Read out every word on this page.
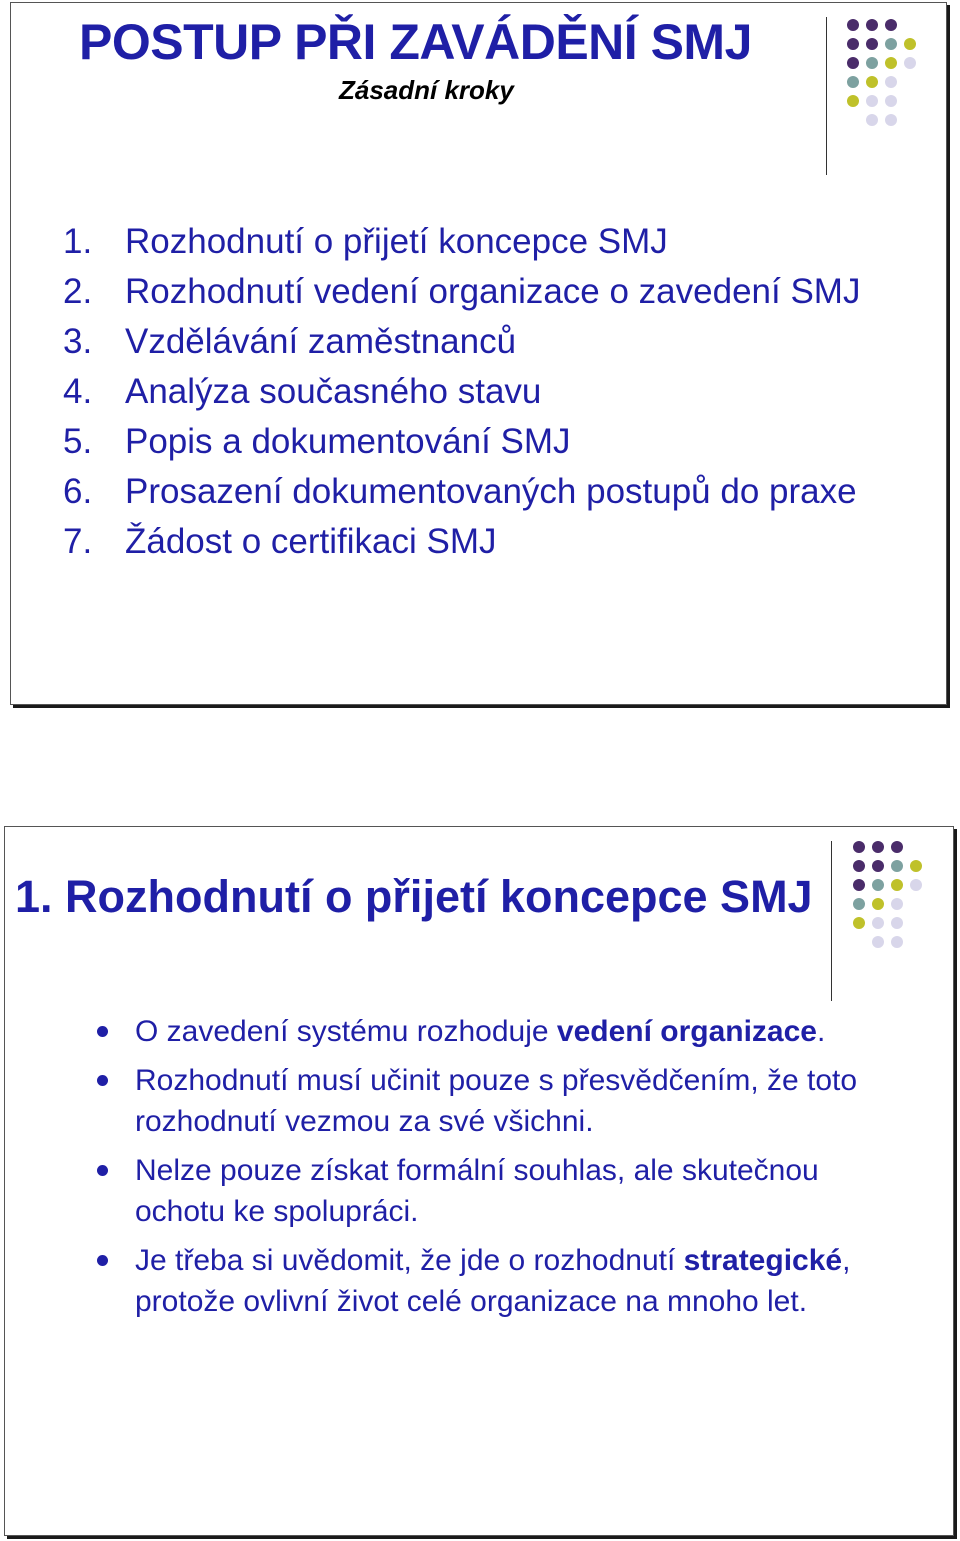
POSTUP PŘI ZAVÁDĚNÍ SMJ

Zásadní kroky

1. Rozhodnutí o přijetí koncepce SMJ
2. Rozhodnutí vedení organizace o zavedení SMJ
3. Vzdělávání zaměstnanců
4. Analýza současného stavu
5. Popis a dokumentování SMJ
6. Prosazení dokumentovaných postupů do praxe
7. Žádost o certifikaci SMJ
1. Rozhodnutí o přijetí koncepce SMJ
O zavedení systému rozhoduje vedení organizace.
Rozhodnutí musí učinit pouze s přesvědčením, že toto rozhodnutí vezmou za své všichni.
Nelze pouze získat formální souhlas, ale skutečnou ochotu ke spolupráci.
Je třeba si uvědomit, že jde o rozhodnutí strategické, protože ovlivní život celé organizace na mnoho let.
